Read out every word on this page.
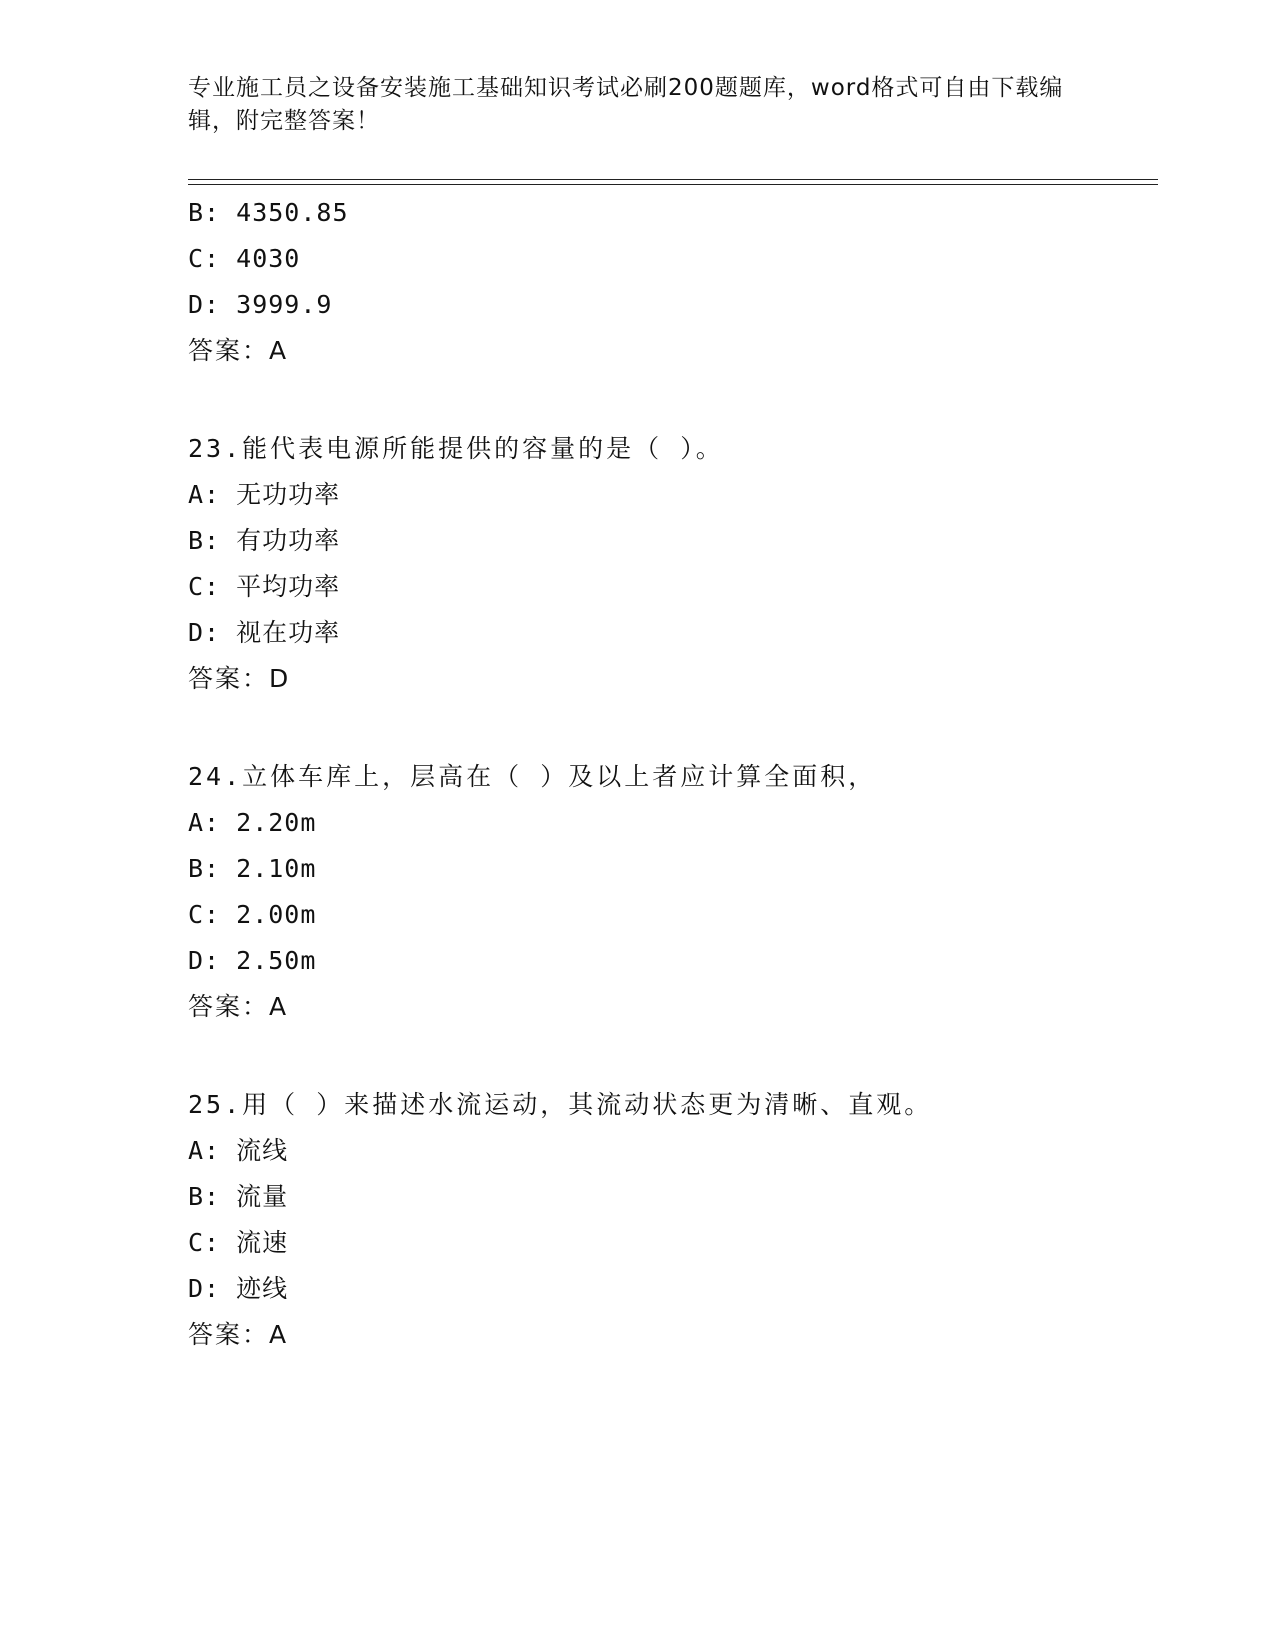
专业施工员之设备安装施工基础知识考试必刷200题题库，word格式可自由下载编辑，附完整答案！
B: 4350.85
C: 4030
D: 3999.9
答案：A
23.能代表电源所能提供的容量的是（ ）。
A: 无功功率
B: 有功功率
C: 平均功率
D: 视在功率
答案：D
24.立体车库上，层高在（ ）及以上者应计算全面积，
A: 2.20m
B: 2.10m
C: 2.00m
D: 2.50m
答案：A
25.用（ ）来描述水流运动，其流动状态更为清晰、直观。
A: 流线
B: 流量
C: 流速
D: 迹线
答案：A
